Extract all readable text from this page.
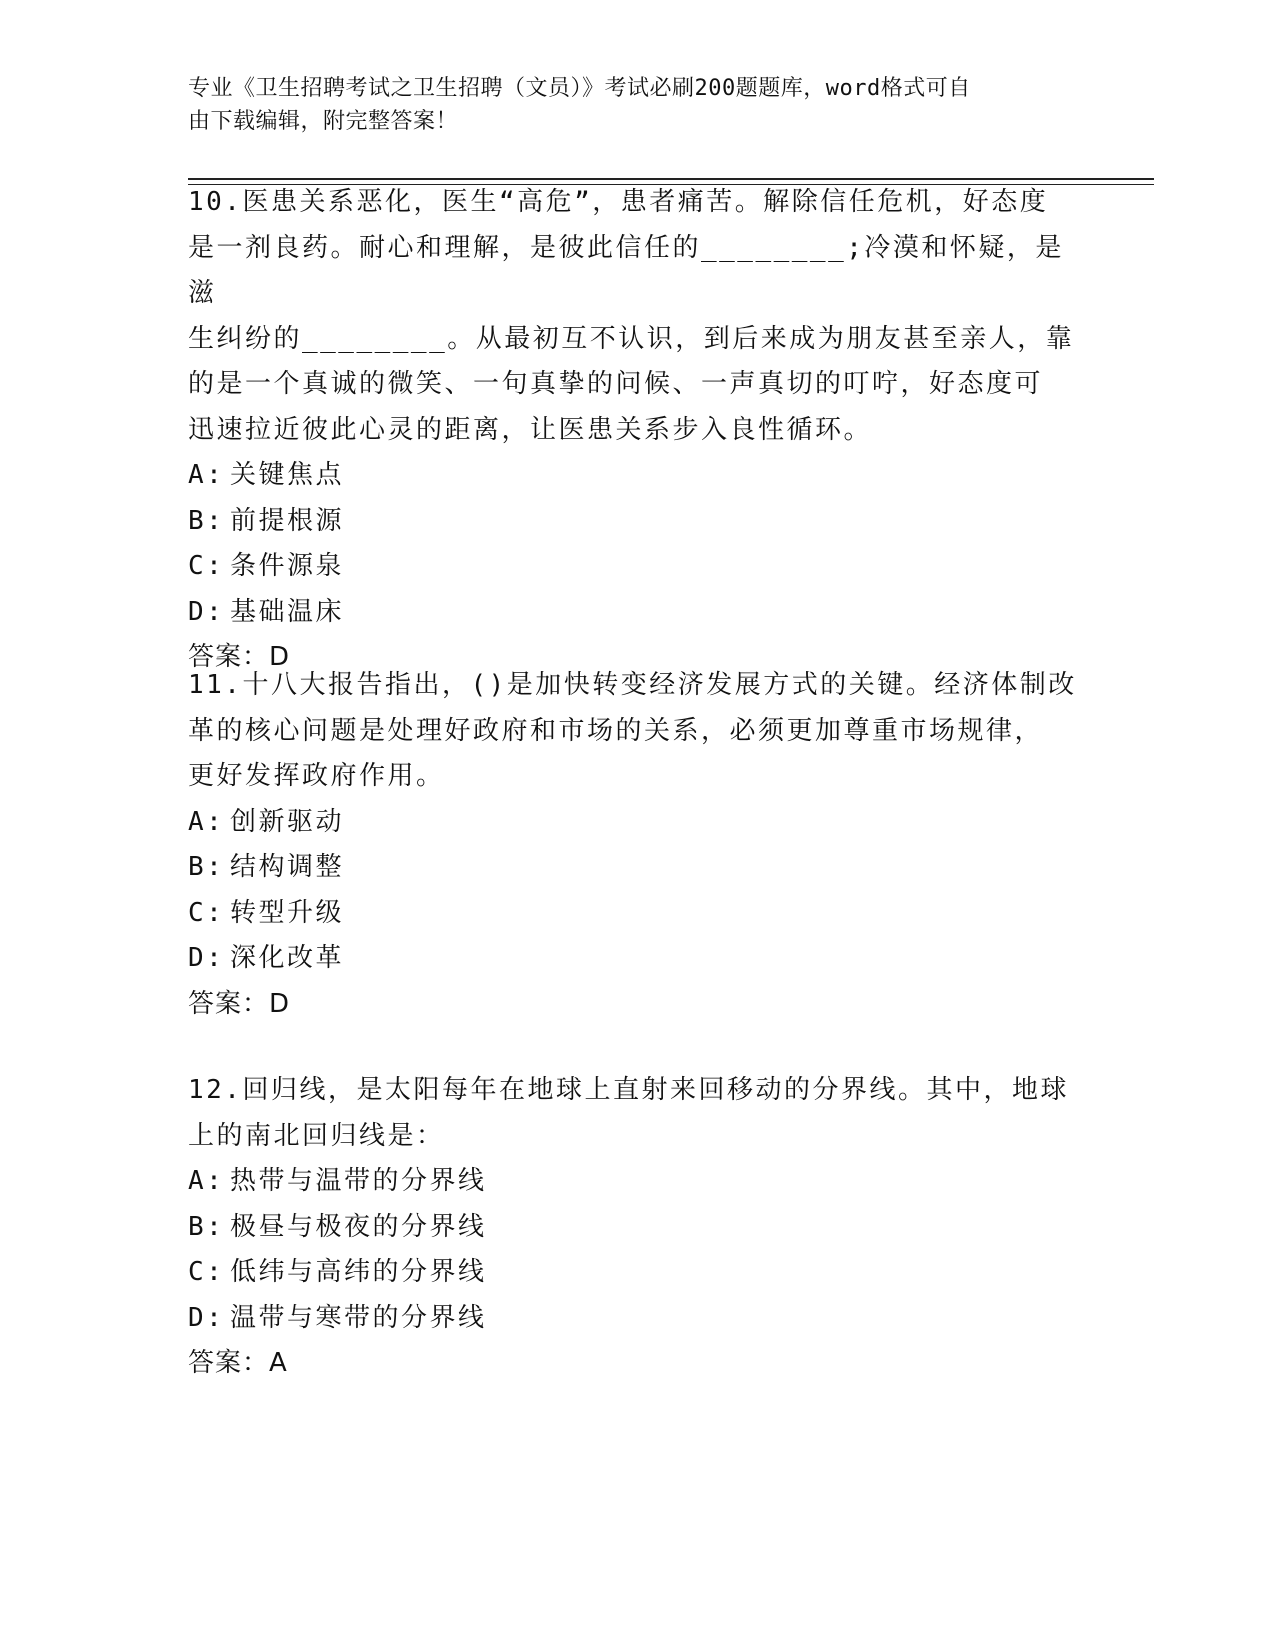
专业《卫生招聘考试之卫生招聘（文员）》考试必刷200题题库，word格式可自
由下载编辑，附完整答案！
10.医患关系恶化，医生“高危”，患者痛苦。解除信任危机，好态度
是一剂良药。耐心和理解，是彼此信任的________;冷漠和怀疑，是滋
生纠纷的________。从最初互不认识，到后来成为朋友甚至亲人，靠
的是一个真诚的微笑、一句真挚的问候、一声真切的叮咛，好态度可
迅速拉近彼此心灵的距离，让医患关系步入良性循环。
A: 关键焦点
B: 前提根源
C: 条件源泉
D: 基础温床
答案：D
11.十八大报告指出，()是加快转变经济发展方式的关键。经济体制改
革的核心问题是处理好政府和市场的关系，必须更加尊重市场规律，
更好发挥政府作用。
A: 创新驱动
B: 结构调整
C: 转型升级
D: 深化改革
答案：D
12.回归线，是太阳每年在地球上直射来回移动的分界线。其中，地球
上的南北回归线是：
A: 热带与温带的分界线
B: 极昼与极夜的分界线
C: 低纬与高纬的分界线
D: 温带与寒带的分界线
答案：A
